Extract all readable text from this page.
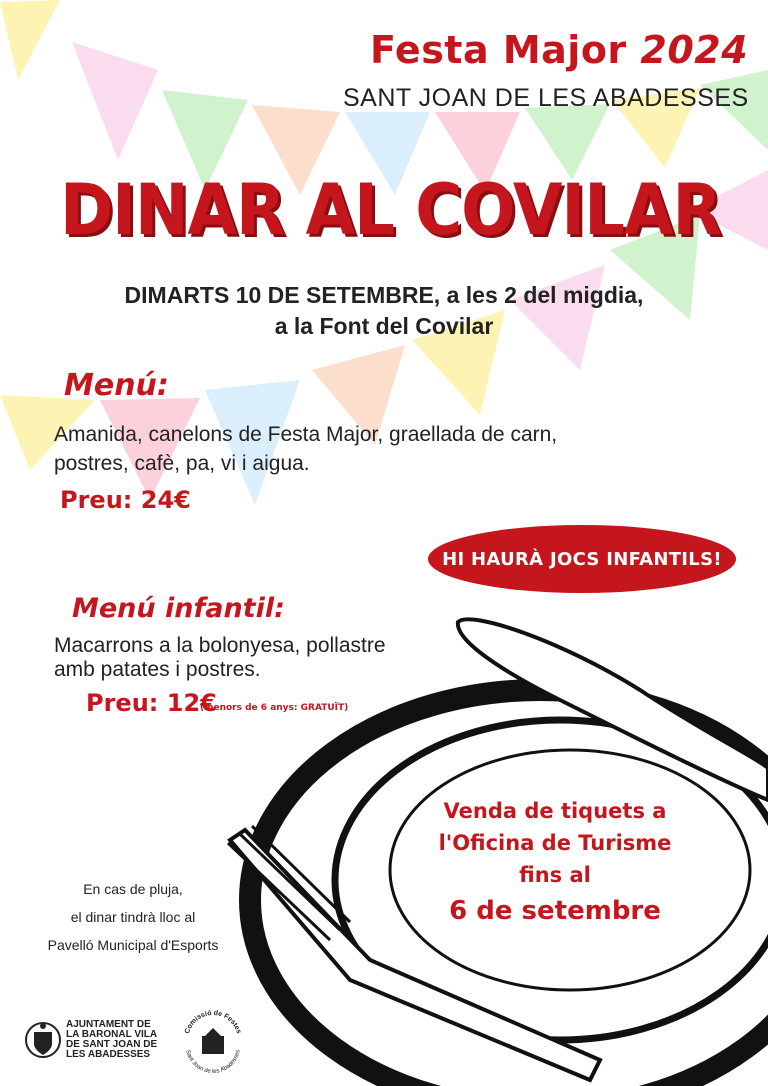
Festa Major 2024
SANT JOAN DE LES ABADESSES
DINAR AL COVILAR
DIMARTS 10 DE SETEMBRE, a les 2 del migdia,
a la Font del Covilar
Menú:
Amanida, canelons de Festa Major, graellada de carn,
postres, cafè, pa, vi i aigua.
Preu: 24€
HI HAURÀ JOCS INFANTILS!
Menú infantil:
Macarrons a la bolonyesa, pollastre
amb patates i postres.
Preu: 12€
(menors de 6 anys: GRATUÏT)
Venda de tiquets a
l'Oficina de Turisme
fins al
6 de setembre
En cas de pluja,
el dinar tindrà lloc al
Pavelló Municipal d'Esports
AJUNTAMENT DE
LA BARONAL VILA
DE SANT JOAN DE
LES ABADESSES
Comissió de Festes
Sant Joan de les Abadesses
